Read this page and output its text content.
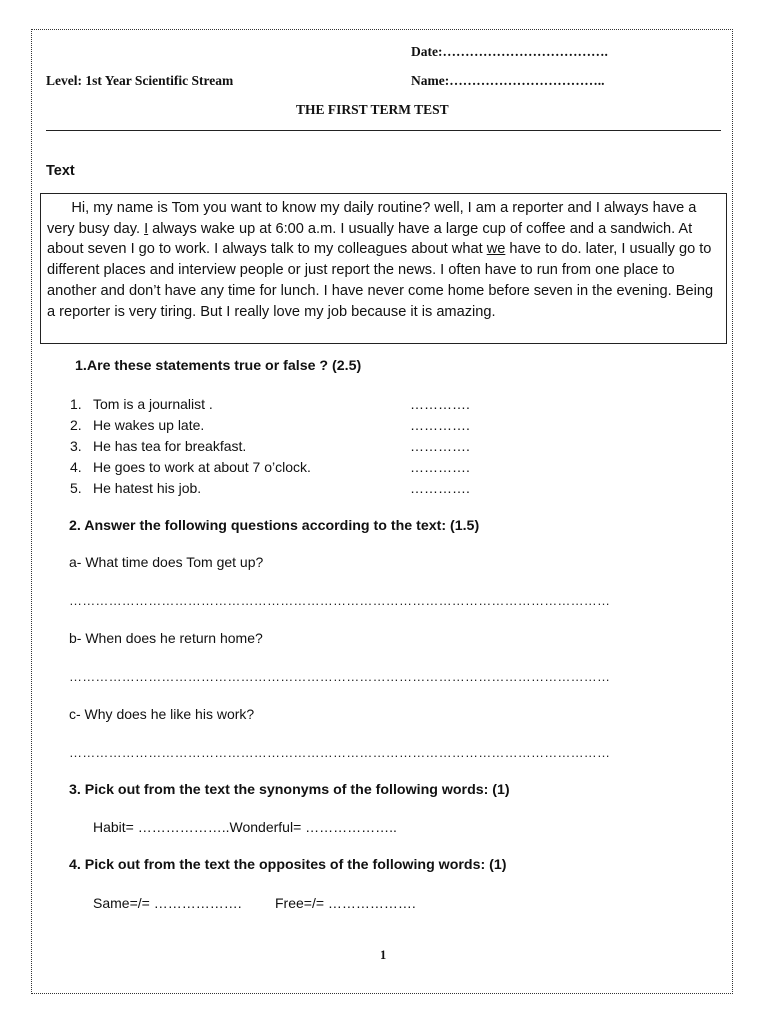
Date:……………………………….
Level: 1st Year Scientific Stream	Name:……………………………..
THE FIRST TERM TEST
Text
Hi, my name is Tom you want to know my daily routine? well, I am a reporter and I always have a very busy day. I always wake up at 6:00 a.m. I usually have a large cup of coffee and a sandwich. At about seven I go to work. I always talk to my colleagues about what we have to do. later, I usually go to different places and interview people or just report the news. I often have to run from one place to another and don’t have any time for lunch. I have never come home before seven in the evening. Being a reporter is very tiring. But I really love my job because it is amazing.
1.Are these statements true or false ? (2.5)
1. Tom is a journalist .	………….
2. He wakes up late.	………….
3. He has tea for breakfast.	………….
4. He goes to work at about 7 o’clock.	………….
5. He hatest his job.	………….
2. Answer the following questions according to the text: (1.5)
a- What time does Tom get up?
……………………………………………………………………………………………………………
b- When does he return home?
……………………………………………………………………………………………………………
c- Why does he like his work?
……………………………………………………………………………………………………………
3. Pick out from the text the synonyms of the following words: (1)
Habit= ………………..Wonderful= ………………..
4. Pick out from the text the opposites of the following words: (1)
Same=/= ………………. Free=/= ……………….
1
